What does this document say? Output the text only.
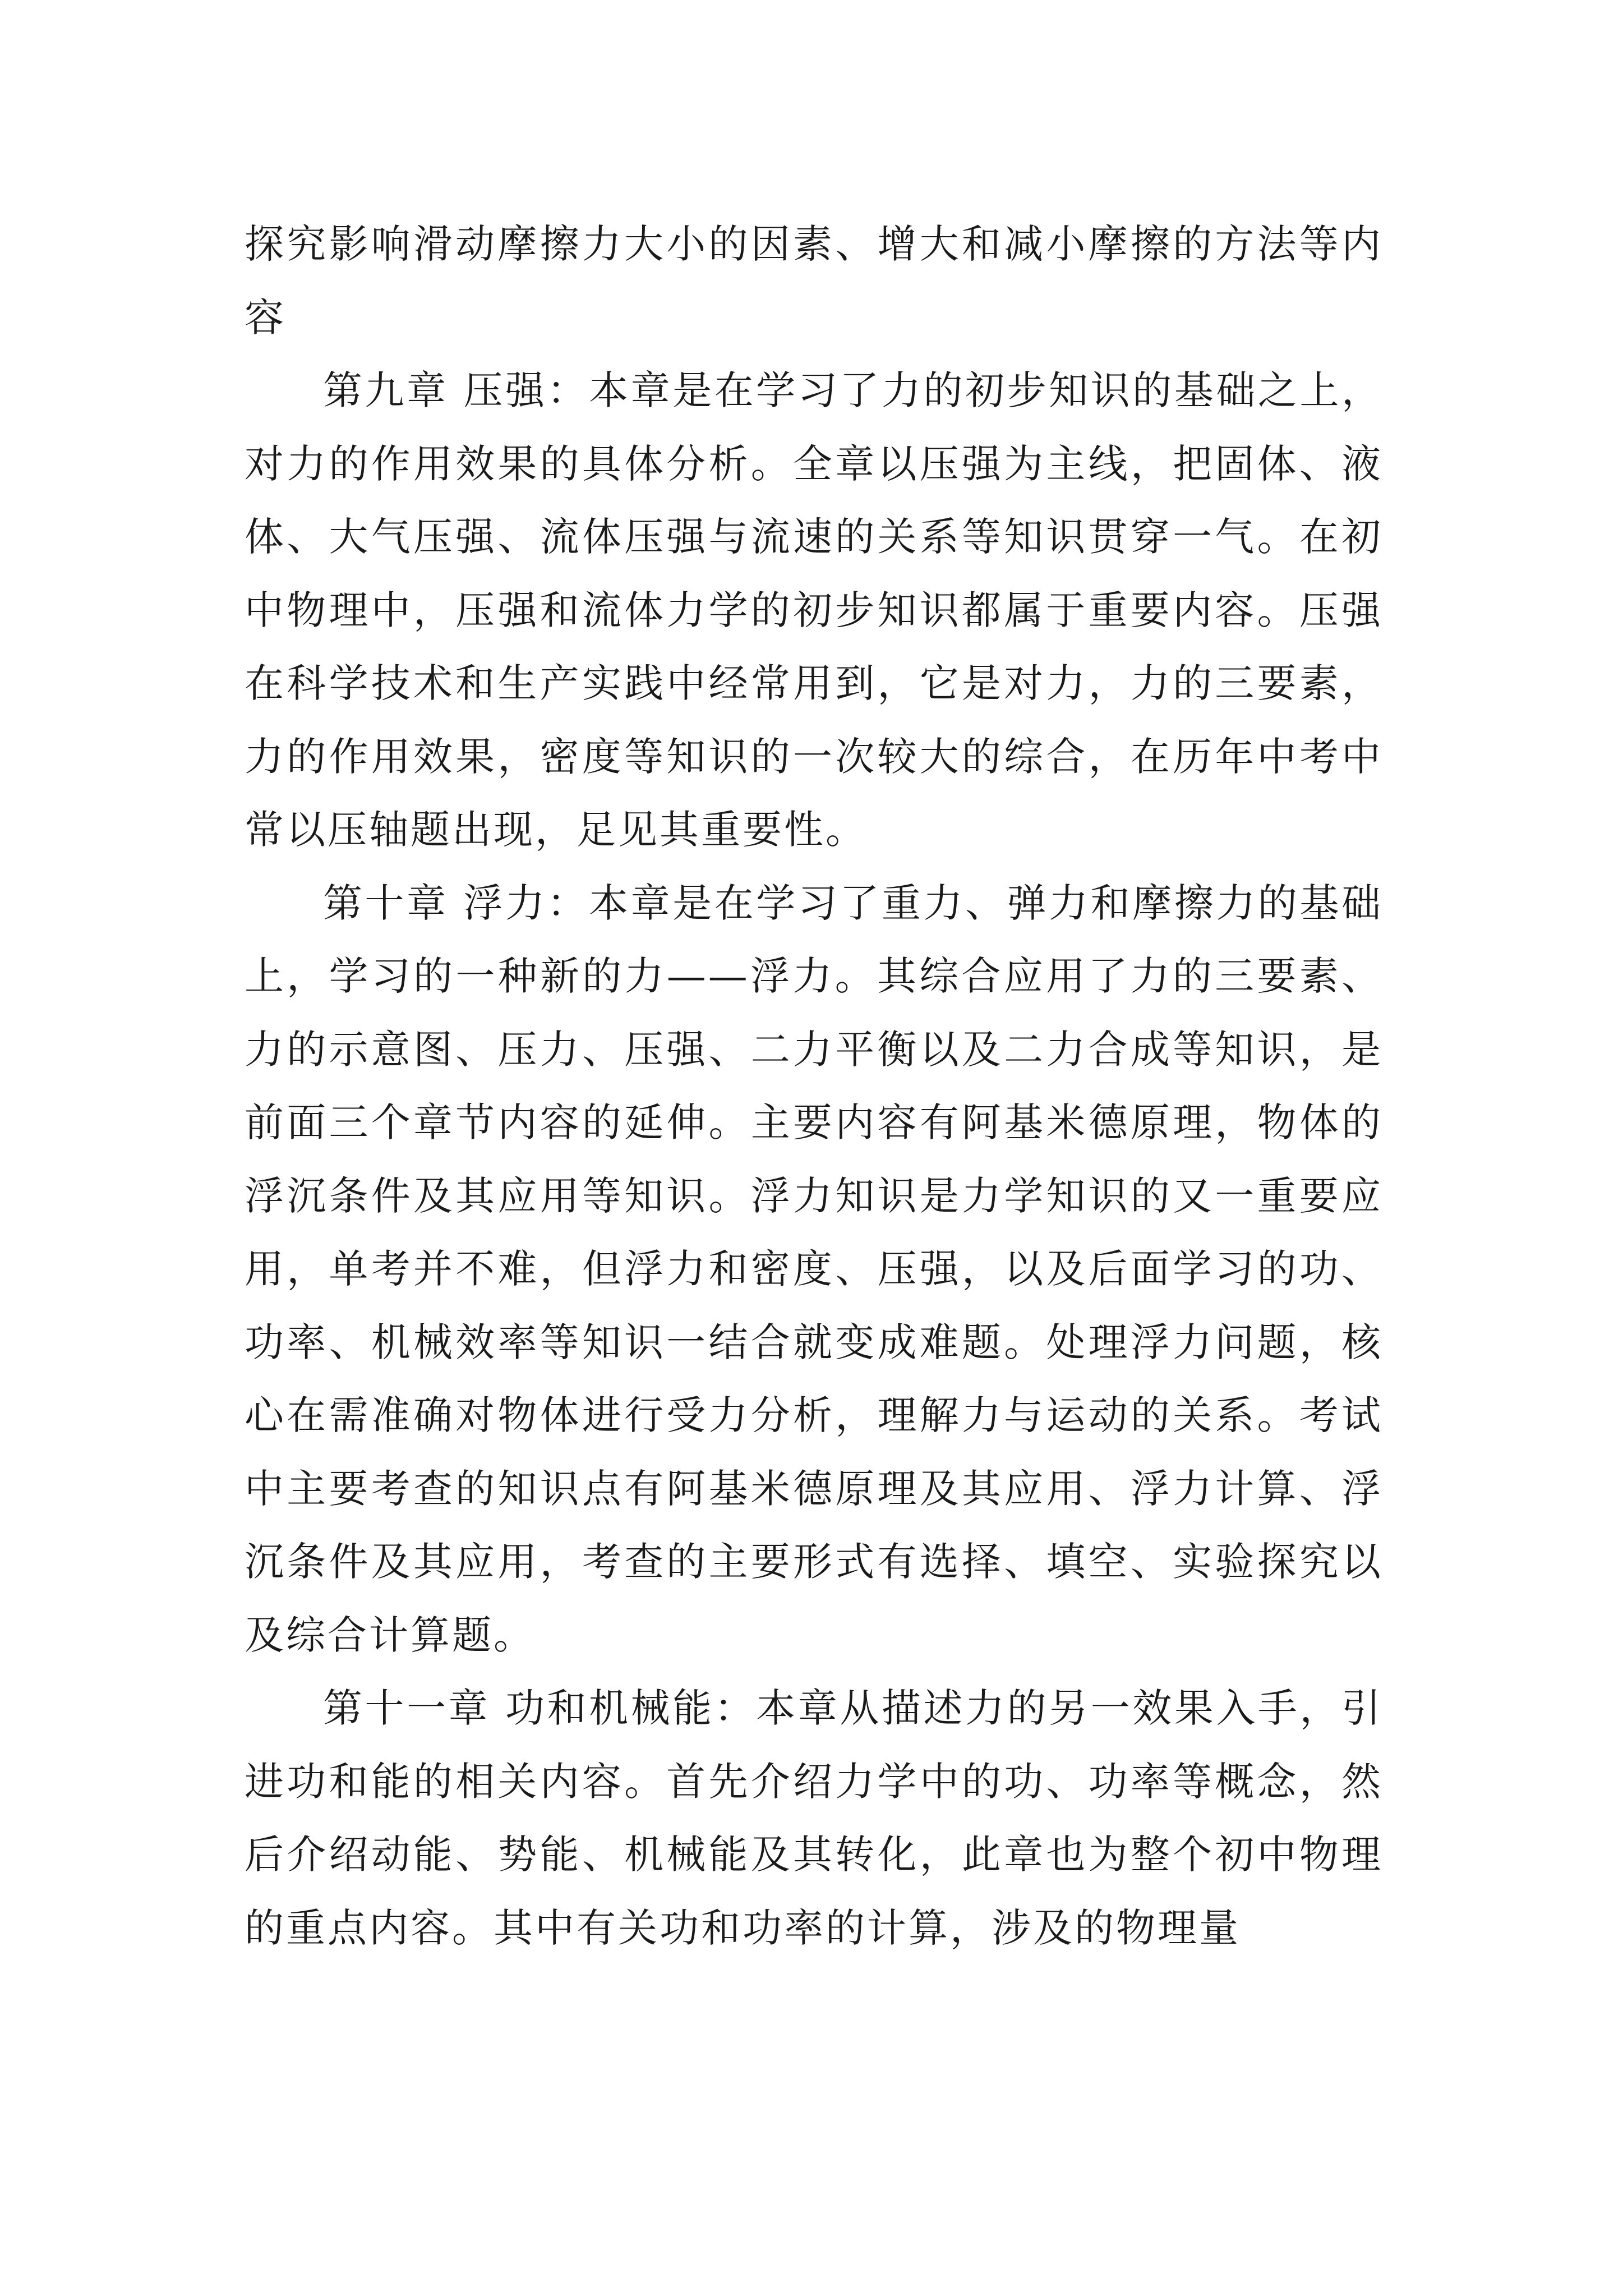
探究影响滑动摩擦力大小的因素、增大和减小摩擦的方法等内容

第九章 压强：本章是在学习了力的初步知识的基础之上，对力的作用效果的具体分析。全章以压强为主线，把固体、液体、大气压强、流体压强与流速的关系等知识贯穿一气。在初中物理中，压强和流体力学的初步知识都属于重要内容。压强在科学技术和生产实践中经常用到，它是对力，力的三要素，力的作用效果，密度等知识的一次较大的综合，在历年中考中常以压轴题出现，足见其重要性。

第十章 浮力：本章是在学习了重力、弹力和摩擦力的基础上，学习的一种新的力——浮力。其综合应用了力的三要素、力的示意图、压力、压强、二力平衡以及二力合成等知识，是前面三个章节内容的延伸。主要内容有阿基米德原理，物体的浮沉条件及其应用等知识。浮力知识是力学知识的又一重要应用，单考并不难，但浮力和密度、压强，以及后面学习的功、功率、机械效率等知识一结合就变成难题。处理浮力问题，核心在需准确对物体进行受力分析，理解力与运动的关系。考试中主要考查的知识点有阿基米德原理及其应用、浮力计算、浮沉条件及其应用，考查的主要形式有选择、填空、实验探究以及综合计算题。

第十一章 功和机械能：本章从描述力的另一效果入手，引进功和能的相关内容。首先介绍力学中的功、功率等概念，然后介绍动能、势能、机械能及其转化，此章也为整个初中物理的重点内容。其中有关功和功率的计算，涉及的物理量
